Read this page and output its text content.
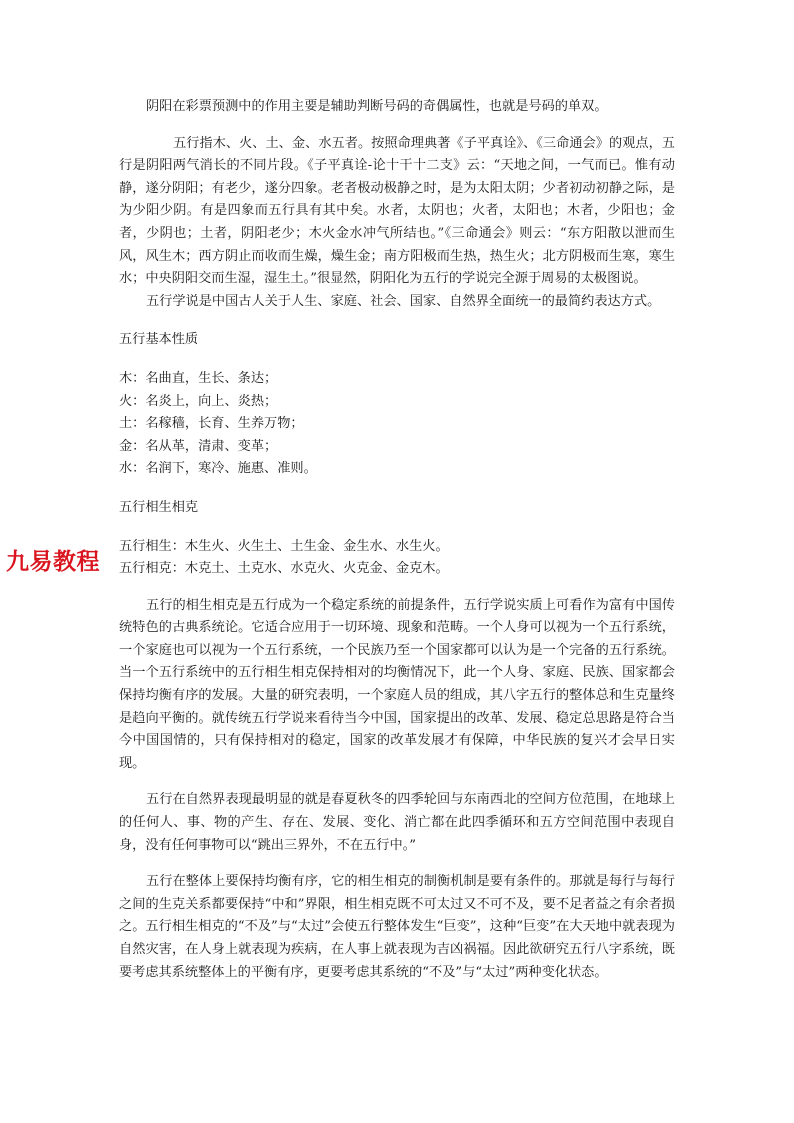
阴阳在彩票预测中的作用主要是辅助判断号码的奇偶属性，也就是号码的单双。

五行指木、火、土、金、水五者。按照命理典著《子平真诠》、《三命通会》的观点，五行是阴阳两气消长的不同片段。《子平真诠-论十干十二支》云：“天地之间，一气而已。惟有动静，遂分阴阳；有老少，遂分四象。老者极动极静之时，是为太阳太阴；少者初动初静之际，是为少阳少阴。有是四象而五行具有其中矣。水者，太阴也；火者，太阳也；木者，少阳也；金者，少阴也；土者，阴阳老少；木火金水冲气所结也。”《三命通会》则云：“东方阳散以泄而生风，风生木；西方阴止而收而生燥，燥生金；南方阳极而生热，热生火；北方阴极而生寒，寒生水；中央阴阳交而生湿，湿生土。”很显然，阴阳化为五行的学说完全源于周易的太极图说。

五行学说是中国古人关于人生、家庭、社会、国家、自然界全面统一的最简约表达方式。

五行基本性质

木：名曲直，生长、条达；

火：名炎上，向上、炎热；

土：名稼穑，长育、生养万物；

金：名从革，清肃、变革；

水：名润下，寒冷、施惠、准则。

五行相生相克

五行相生：木生火、火生土、土生金、金生水、水生火。

五行相克：木克土、土克水、水克火、火克金、金克木。

五行的相生相克是五行成为一个稳定系统的前提条件，五行学说实质上可看作为富有中国传统特色的古典系统论。它适合应用于一切环境、现象和范畴。一个人身可以视为一个五行系统，一个家庭也可以视为一个五行系统，一个民族乃至一个国家都可以认为是一个完备的五行系统。当一个五行系统中的五行相生相克保持相对的均衡情况下，此一个人身、家庭、民族、国家都会保持均衡有序的发展。大量的研究表明，一个家庭人员的组成，其八字五行的整体总和生克量终是趋向平衡的。就传统五行学说来看待当今中国，国家提出的改革、发展、稳定总思路是符合当今中国国情的，只有保持相对的稳定，国家的改革发展才有保障，中华民族的复兴才会早日实现。

五行在自然界表现最明显的就是春夏秋冬的四季轮回与东南西北的空间方位范围，在地球上的任何人、事、物的产生、存在、发展、变化、消亡都在此四季循环和五方空间范围中表现自身，没有任何事物可以“跳出三界外，不在五行中。”

五行在整体上要保持均衡有序，它的相生相克的制衡机制是要有条件的。那就是每行与每行之间的生克关系都要保持“中和”界限，相生相克既不可太过又不可不及，要不足者益之有余者损之。五行相生相克的“不及”与“太过”会使五行整体发生“巨变”，这种“巨变”在大天地中就表现为自然灾害，在人身上就表现为疾病，在人事上就表现为吉凶祸福。因此欲研究五行八字系统，既要考虑其系统整体上的平衡有序，更要考虑其系统的“不及”与“太过”两种变化状态。

九易教程
